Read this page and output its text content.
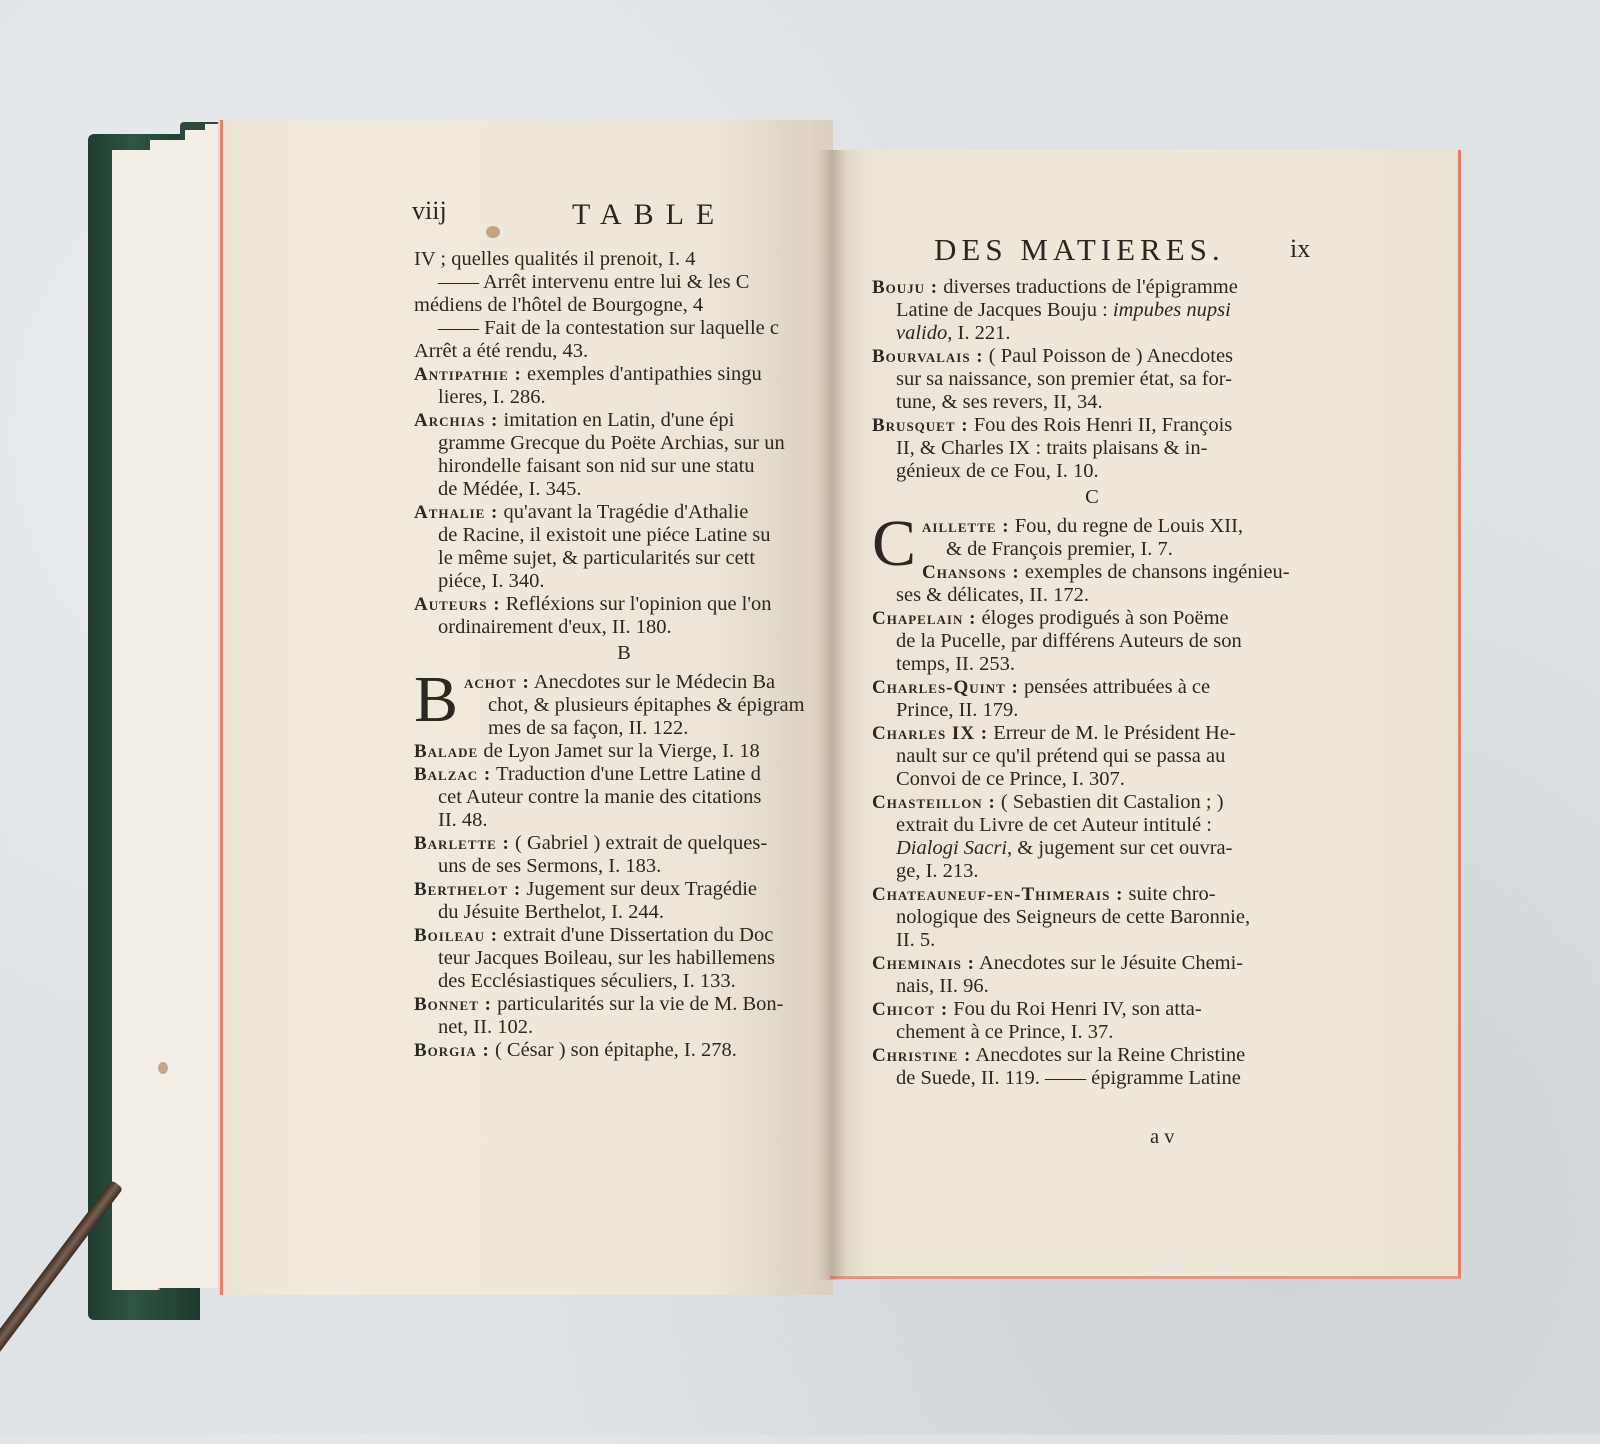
viij	TABLE
DES MATIERES.	ix
IV ; quelles qualités il prenoit, I. 4
—— Arrêt intervenu entre lui & les C
médiens de l'hôtel de Bourgogne, 4
—— Fait de la contestation sur laquelle c
Arrêt a été rendu, 43.
Antipathie : exemples d'antipathies singu
lieres, I. 286.
Archias : imitation en Latin, d'une épi
gramme Grecque du Poëte Archias, sur un
hirondelle faisant son nid sur une statu
de Médée, I. 345.
Athalie : qu'avant la Tragédie d'Athalie
de Racine, il existoit une piéce Latine su
le même sujet, & particularités sur cett
piéce, I. 340.
Auteurs : Refléxions sur l'opinion que l'on
ordinairement d'eux, II. 180.
B
Bachot : Anecdotes sur le Médecin Ba
chot, & plusieurs épitaphes & épigram
mes de sa façon, II. 122.
Balade de Lyon Jamet sur la Vierge, I. 18
Balzac : Traduction d'une Lettre Latine d
cet Auteur contre la manie des citations
II. 48.
Barlette : ( Gabriel ) extrait de quelques-
uns de ses Sermons, I. 183.
Berthelot : Jugement sur deux Tragédie
du Jésuite Berthelot, I. 244.
Boileau : extrait d'une Dissertation du Doc
teur Jacques Boileau, sur les habillemens
des Ecclésiastiques séculiers, I. 133.
Bonnet : particularités sur la vie de M. Bon-
net, II. 102.
Borgia : ( César ) son épitaphe, I. 278.
Bouju : diverses traductions de l'épigramme
Latine de Jacques Bouju : impubes nupsi
valido, I. 221.
Bourvalais : ( Paul Poisson de ) Anecdotes
sur sa naissance, son premier état, sa for-
tune, & ses revers, II, 34.
Brusquet : Fou des Rois Henri II, François
II, & Charles IX : traits plaisans & in-
génieux de ce Fou, I. 10.
C
Caillette : Fou, du regne de Louis XII,
& de François premier, I. 7.
Chansons : exemples de chansons ingénieu-
ses & délicates, II. 172.
Chapelain : éloges prodigués à son Poëme
de la Pucelle, par différens Auteurs de son
temps, II. 253.
Charles-Quint : pensées attribuées à ce
Prince, II. 179.
Charles IX : Erreur de M. le Président He-
nault sur ce qu'il prétend qui se passa au
Convoi de ce Prince, I. 307.
Chasteillon : ( Sebastien dit Castalion ; )
extrait du Livre de cet Auteur intitulé :
Dialogi Sacri, & jugement sur cet ouvra-
ge, I. 213.
Chateauneuf-en-Thimerais : suite chro-
nologique des Seigneurs de cette Baronnie,
II. 5.
Cheminais : Anecdotes sur le Jésuite Chemi-
nais, II. 96.
Chicot : Fou du Roi Henri IV, son atta-
chement à ce Prince, I. 37.
Christine : Anecdotes sur la Reine Christine
de Suede, II. 119. —— épigramme Latine
a v
